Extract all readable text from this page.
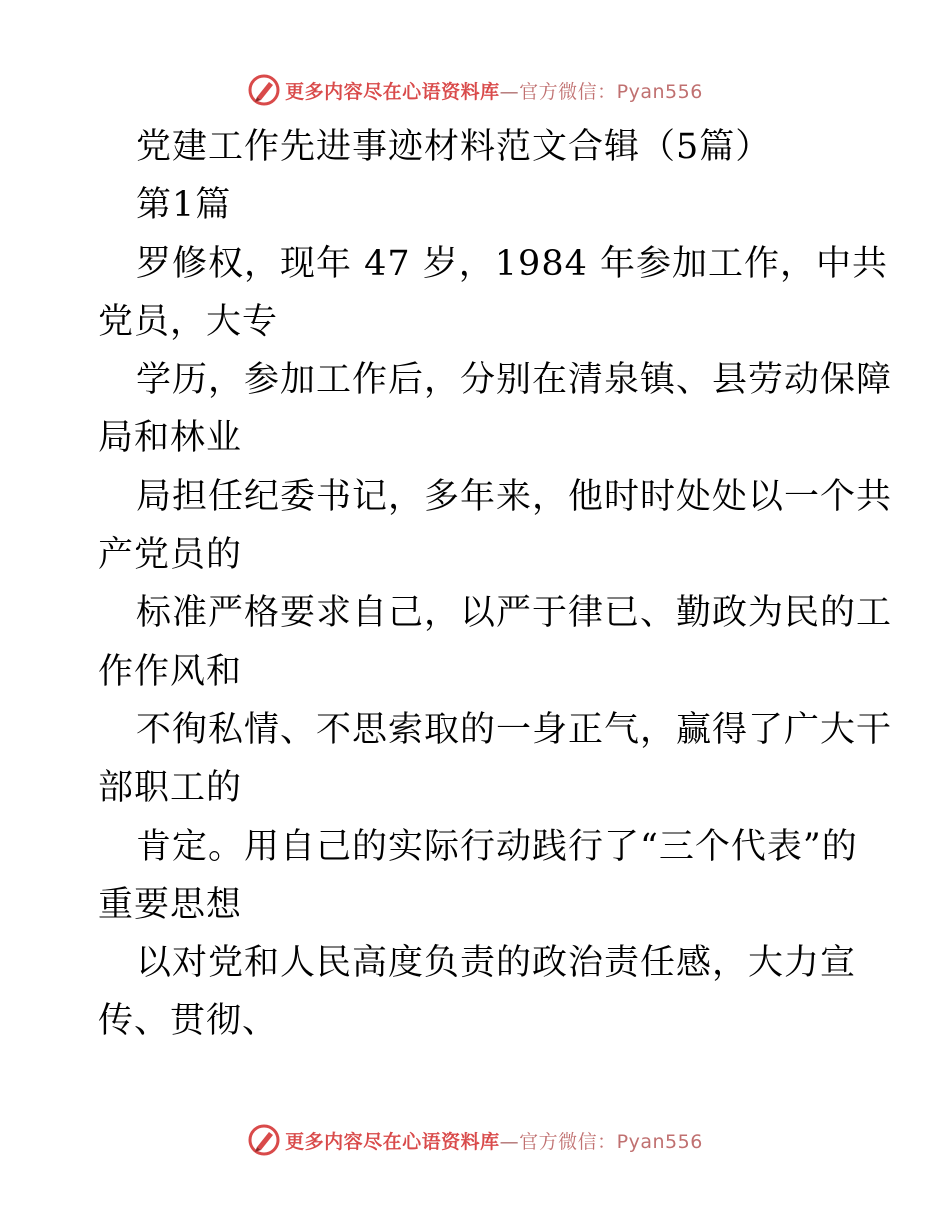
更多内容尽在心语资料库—官方微信：Pyan556
党建工作先进事迹材料范文合辑（5篇）
第1篇
罗修权，现年 47 岁，1984 年参加工作，中共
党员，大专
学历，参加工作后，分别在清泉镇、县劳动保障
局和林业
局担任纪委书记，多年来，他时时处处以一个共
产党员的
标准严格要求自己，以严于律已、勤政为民的工
作作风和
不徇私情、不思索取的一身正气，赢得了广大干
部职工的
肯定。用自己的实际行动践行了“三个代表”的
重要思想
以对党和人民高度负责的政治责任感，大力宣
传、贯彻、
更多内容尽在心语资料库—官方微信：Pyan556
